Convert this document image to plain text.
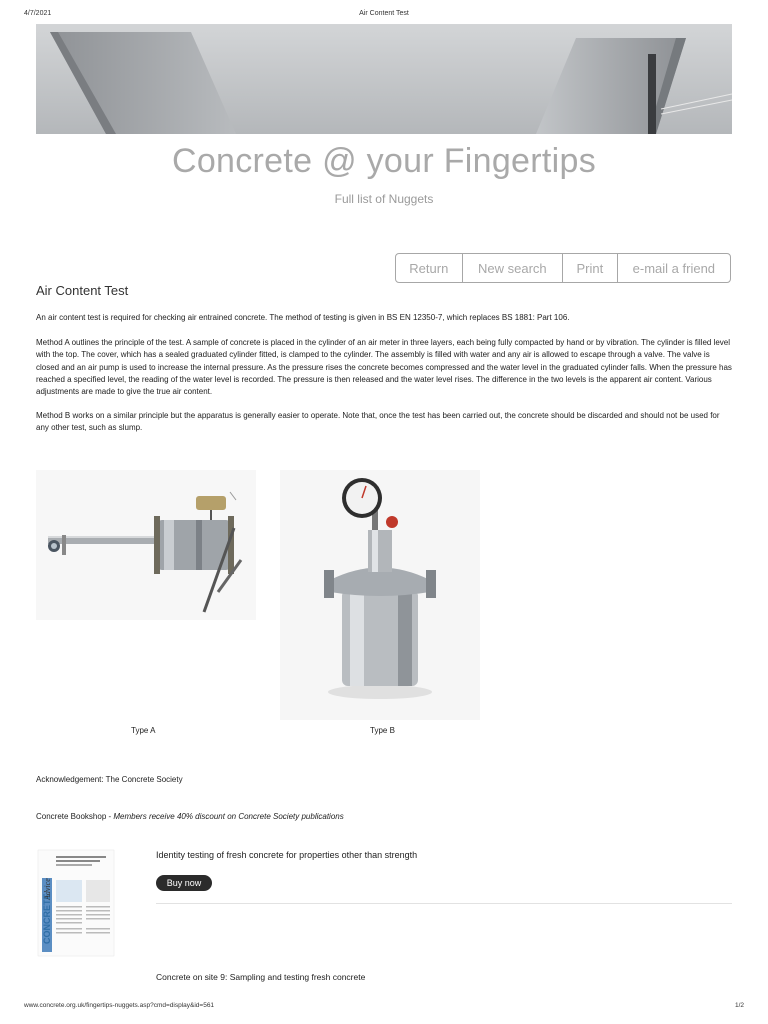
4/7/2021	Air Content Test
Concrete @ your Fingertips
Full list of Nuggets
Return	New search	Print	e-mail a friend
Air Content Test
An air content test is required for checking air entrained concrete. The method of testing is given in BS EN 12350-7, which replaces BS 1881: Part 106.
Method A outlines the principle of the test. A sample of concrete is placed in the cylinder of an air meter in three layers, each being fully compacted by hand or by vibration. The cylinder is filled level with the top. The cover, which has a sealed graduated cylinder fitted, is clamped to the cylinder. The assembly is filled with water and any air is allowed to escape through a valve. The valve is closed and an air pump is used to increase the internal pressure. As the pressure rises the concrete becomes compressed and the water level in the graduated cylinder falls. When the pressure has reached a specified level, the reading of the water level is recorded. The pressure is then released and the water level rises. The difference in the two levels is the apparent air content. Various adjustments are made to give the true air content.
Method B works on a similar principle but the apparatus is generally easier to operate. Note that, once the test has been carried out, the concrete should be discarded and should not be used for any other test, such as slump.
Type A	Type B
Acknowledgement: The Concrete Society
Concrete Bookshop - Members receive 40% discount on Concrete Society publications
CONCRETE
Advice
Identity testing of fresh concrete for properties other than strength
Buy now
Concrete on site 9: Sampling and testing fresh concrete
www.concrete.org.uk/fingertips-nuggets.asp?cmd=display&id=561	1/2
